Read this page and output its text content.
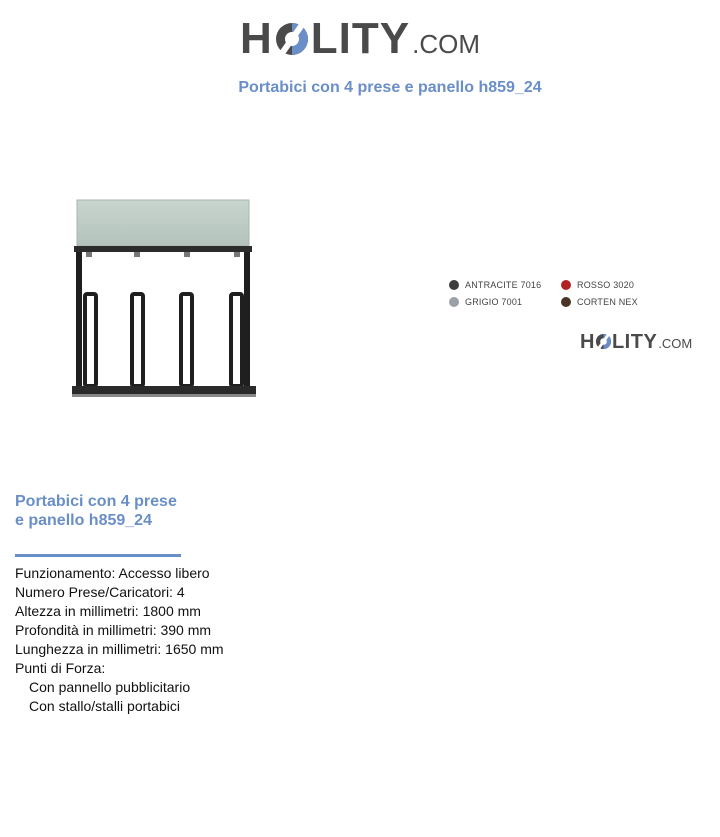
H LITY .COM
Portabici con 4 prese e panello h859_24
ANTRACITE 7016	ROSSO 3020
GRIGIO 7001	CORTEN NEX
H LITY .COM
Portabici con 4 prese e panello h859_24
Funzionamento: Accesso libero
Numero Prese/Caricatori: 4
Altezza in millimetri: 1800 mm
Profondità in millimetri: 390 mm
Lunghezza in millimetri: 1650 mm
Punti di Forza:
Con pannello pubblicitario
Con stallo/stalli portabici
